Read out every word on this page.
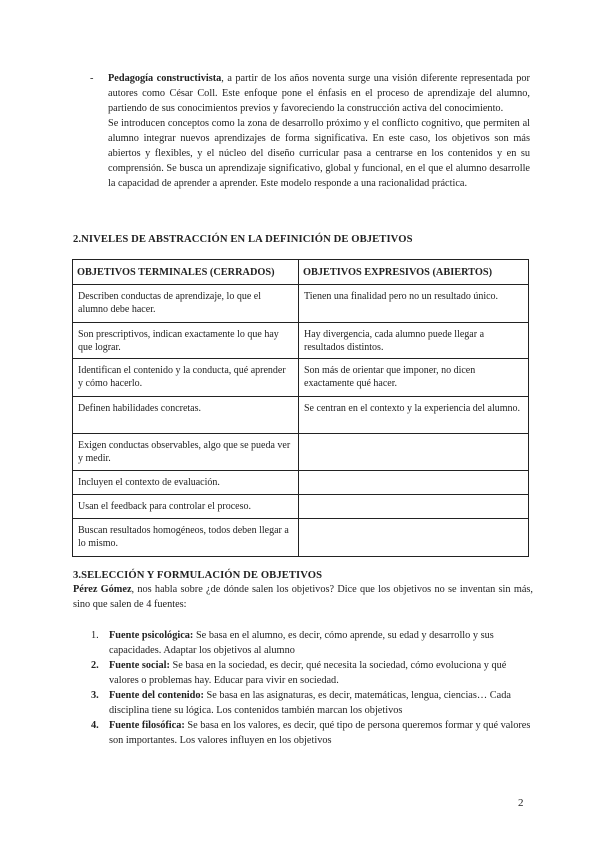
- Pedagogía constructivista, a partir de los años noventa surge una visión diferente representada por autores como César Coll. Este enfoque pone el énfasis en el proceso de aprendizaje del alumno, partiendo de sus conocimientos previos y favoreciendo la construcción activa del conocimiento.

Se introducen conceptos como la zona de desarrollo próximo y el conflicto cognitivo, que permiten al alumno integrar nuevos aprendizajes de forma significativa. En este caso, los objetivos son más abiertos y flexibles, y el núcleo del diseño curricular pasa a centrarse en los contenidos y en su comprensión. Se busca un aprendizaje significativo, global y funcional, en el que el alumno desarrolle la capacidad de aprender a aprender. Este modelo responde a una racionalidad práctica.

2.NIVELES DE ABSTRACCIÓN EN LA DEFINICIÓN DE OBJETIVOS
OBJETIVOS TERMINALES (CERRADOS)	OBJETIVOS EXPRESIVOS (ABIERTOS)
Describen conductas de aprendizaje, lo que el alumno debe hacer.	Tienen una finalidad pero no un resultado único.
Son prescriptivos, indican exactamente lo que hay que lograr.	Hay divergencia, cada alumno puede llegar a resultados distintos.
Identifican el contenido y la conducta, qué aprender y cómo hacerlo.	Son más de orientar que imponer, no dicen exactamente qué hacer.
Definen habilidades concretas.	Se centran en el contexto y la experiencia del alumno.
Exigen conductas observables, algo que se pueda ver y medir.	
Incluyen el contexto de evaluación.	
Usan el feedback para controlar el proceso.	
Buscan resultados homogéneos, todos deben llegar a lo mismo.	
3.SELECCIÓN Y FORMULACIÓN DE OBJETIVOS

Pérez Gómez, nos habla sobre ¿de dónde salen los objetivos? Dice que los objetivos no se inventan sin más, sino que salen de 4 fuentes:

1. Fuente psicológica: Se basa en el alumno, es decir, cómo aprende, su edad y desarrollo y sus capacidades. Adaptar los objetivos al alumno
2. Fuente social: Se basa en la sociedad, es decir, qué necesita la sociedad, cómo evoluciona y qué valores o problemas hay. Educar para vivir en sociedad.
3. Fuente del contenido: Se basa en las asignaturas, es decir, matemáticas, lengua, ciencias… Cada disciplina tiene su lógica. Los contenidos también marcan los objetivos
4. Fuente filosófica: Se basa en los valores, es decir, qué tipo de persona queremos formar y qué valores son importantes. Los valores influyen en los objetivos
2
